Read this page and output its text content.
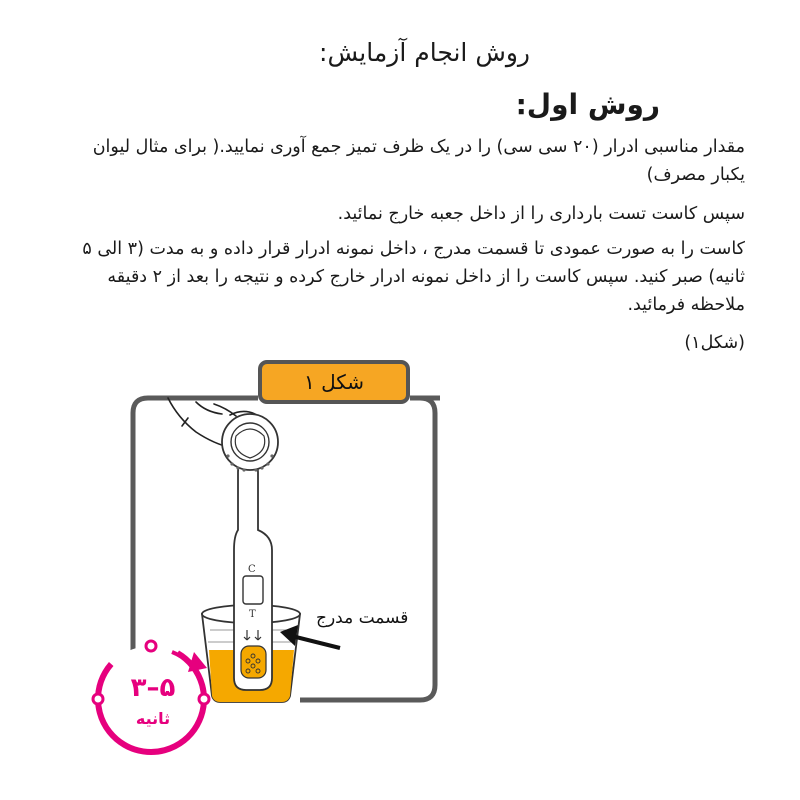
روش انجام آزمایش:
روش اول:

مقدار مناسبی ادرار (۲۰ سی سی) را در یک ظرف تمیز جمع آوری نمایید.( برای مثال لیوان یکبار مصرف)

سپس کاست تست بارداری را از داخل جعبه خارج نمائید.

کاست را به صورت عمودی تا قسمت مدرج ، داخل نمونه ادرار قرار داده و به مدت (۳ الی ۵ ثانیه) صبر کنید. سپس کاست را از داخل نمونه ادرار خارج کرده و نتیجه را بعد از ۲ دقیقه ملاحظه فرمائید.

(شکل۱)

C
T
شکل ۱
قسمت مدرج
۵–۳
ثانیه
